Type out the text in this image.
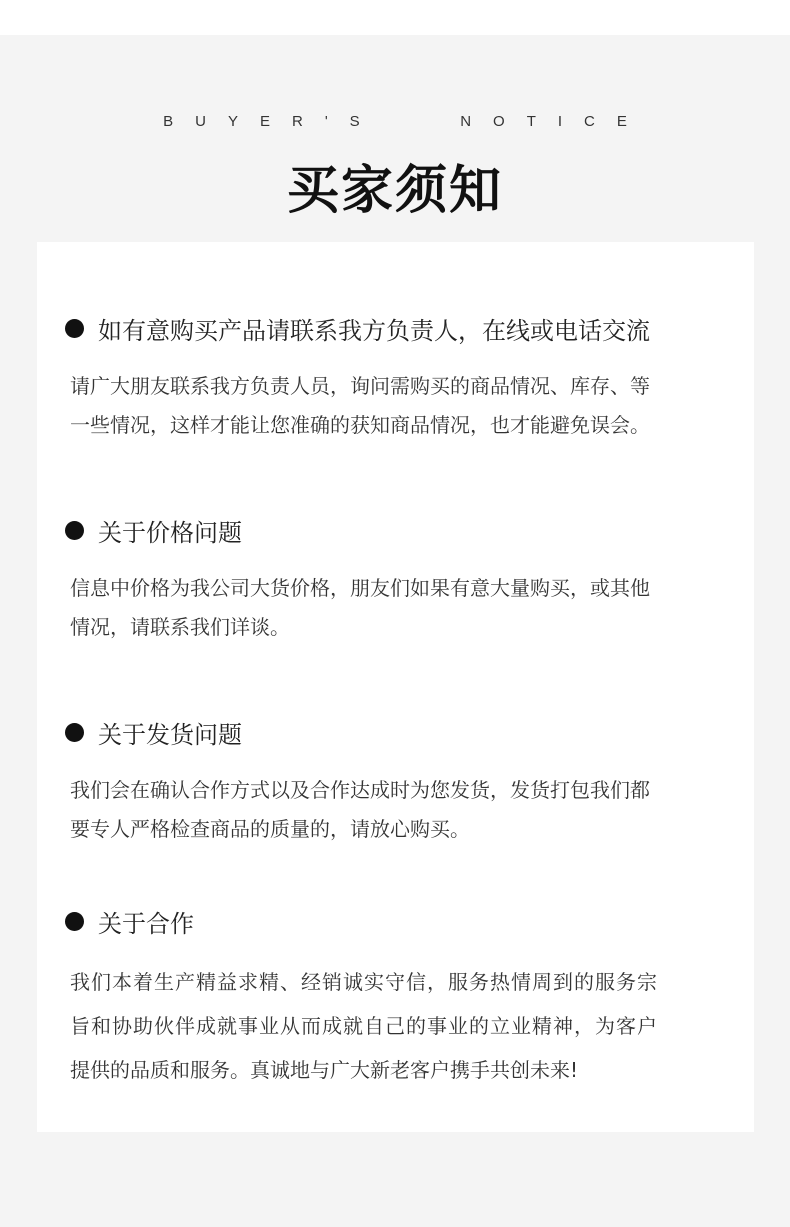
BUYER'S   NOTICE
买家须知
如有意购买产品请联系我方负责人，在线或电话交流
请广大朋友联系我方负责人员，询问需购买的商品情况、库存、等
一些情况，这样才能让您准确的获知商品情况，也才能避免误会。
关于价格问题
信息中价格为我公司大货价格，朋友们如果有意大量购买，或其他
情况，请联系我们详谈。
关于发货问题
我们会在确认合作方式以及合作达成时为您发货，发货打包我们都
要专人严格检查商品的质量的，请放心购买。
关于合作
我们本着生产精益求精、经销诚实守信，服务热情周到的服务宗
旨和协助伙伴成就事业从而成就自己的事业的立业精神，为客户
提供的品质和服务。真诚地与广大新老客户携手共创未来!
